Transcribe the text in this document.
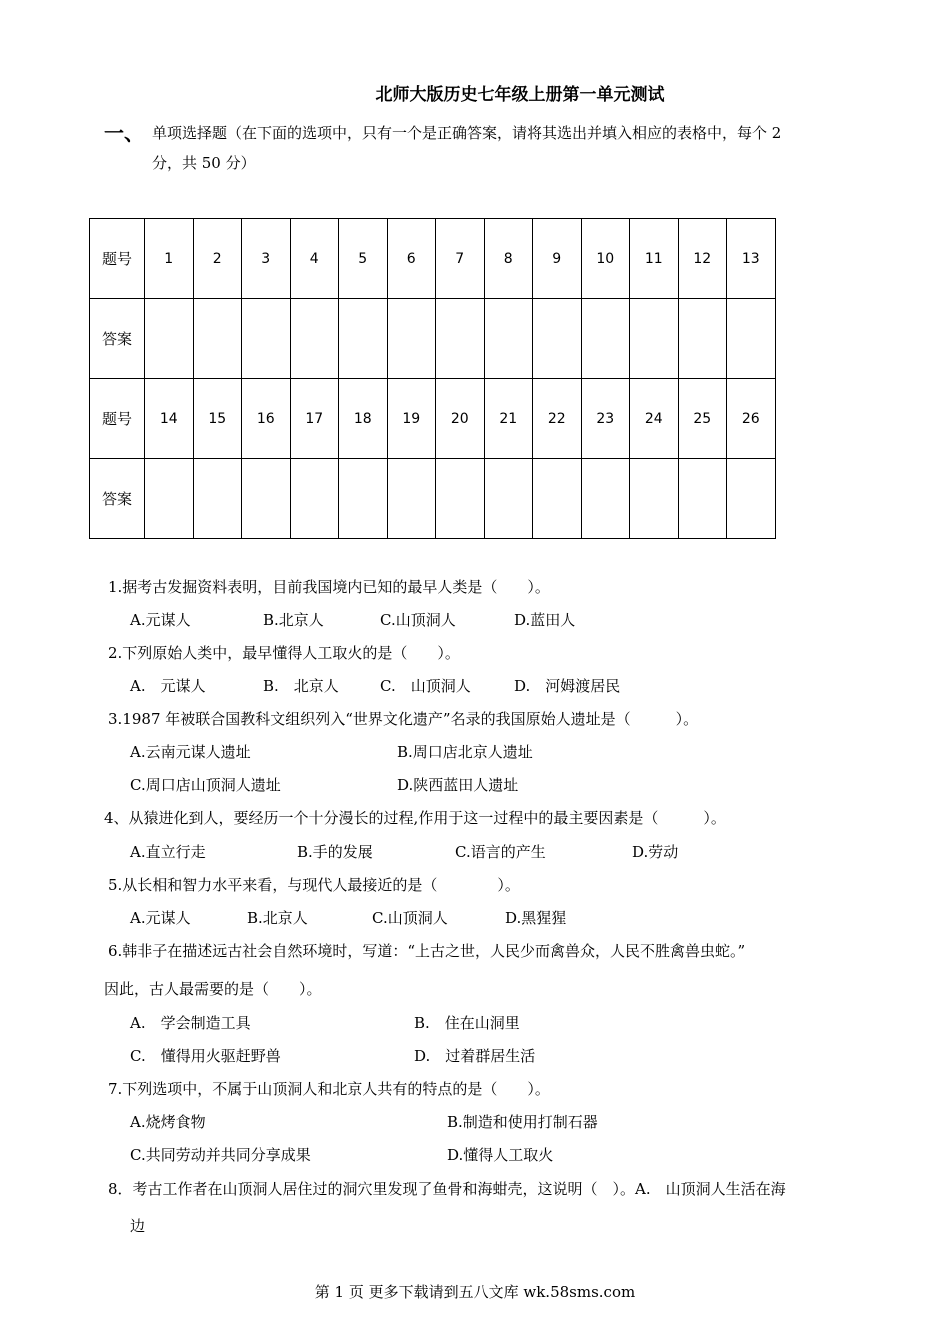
北师大版历史七年级上册第一单元测试
一、 单项选择题（在下面的选项中，只有一个是正确答案，请将其选出并填入相应的表格中，每个 2
分，共 50 分）
题号	1	2	3	4	5	6	7	8	9	10	11	12	13
答案													
题号	14	15	16	17	18	19	20	21	22	23	24	25	26
答案													
1.据考古发掘资料表明，目前我国境内已知的最早人类是（　　）。
A.元谋人	B.北京人	C.山顶洞人	D.蓝田人
2.下列原始人类中，最早懂得人工取火的是（　　）。
A.　元谋人	B.　北京人	C.　山顶洞人	D.　河姆渡居民
3.1987 年被联合国教科文组织列入“世界文化遗产”名录的我国原始人遗址是（　　　）。
A.云南元谋人遗址	B.周口店北京人遗址
C.周口店山顶洞人遗址	D.陕西蓝田人遗址
4、从猿进化到人，要经历一个十分漫长的过程,作用于这一过程中的最主要因素是（　　　）。
A.直立行走	B.手的发展	C.语言的产生	D.劳动
5.从长相和智力水平来看，与现代人最接近的是（　　　　）。
A.元谋人	B.北京人	C.山顶洞人	D.黑猩猩
6.韩非子在描述远古社会自然环境时，写道：“上古之世，人民少而禽兽众，人民不胜禽兽虫蛇。”
因此，古人最需要的是（　　）。
A.　学会制造工具	B.　住在山洞里
C.　懂得用火驱赶野兽	D.　过着群居生活
7.下列选项中，不属于山顶洞人和北京人共有的特点的是（　　）。
A.烧烤食物	B.制造和使用打制石器
C.共同劳动并共同分享成果	D.懂得人工取火
8．考古工作者在山顶洞人居住过的洞穴里发现了鱼骨和海蚶壳，这说明（　）。A.　山顶洞人生活在海
边
第 1 页 更多下载请到五八文库 wk.58sms.com
